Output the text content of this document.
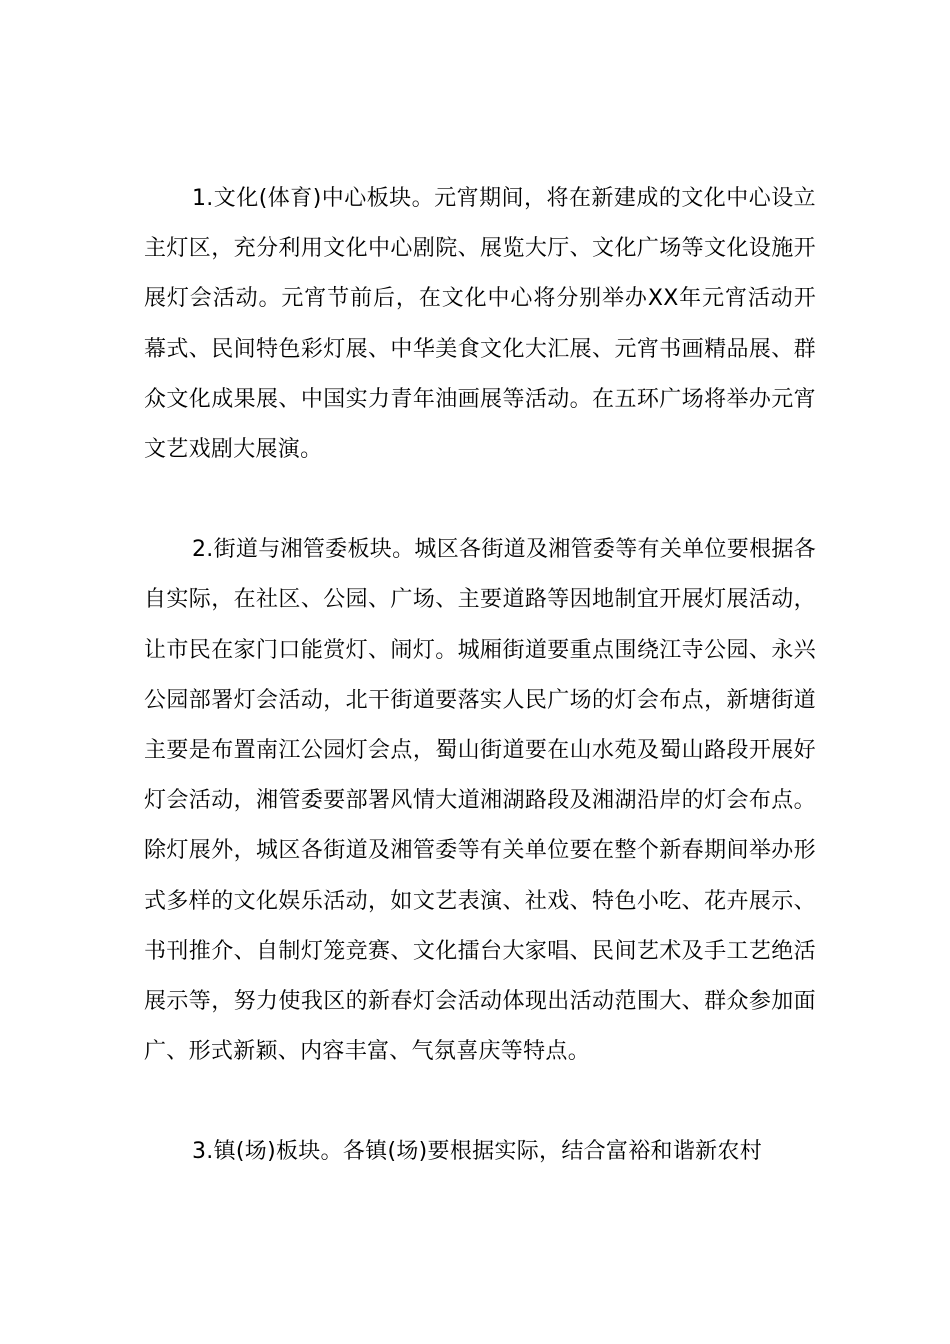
1.文化(体育)中心板块。元宵期间，将在新建成的文化中心设立主灯区，充分利用文化中心剧院、展览大厅、文化广场等文化设施开展灯会活动。元宵节前后，在文化中心将分别举办XX年元宵活动开幕式、民间特色彩灯展、中华美食文化大汇展、元宵书画精品展、群众文化成果展、中国实力青年油画展等活动。在五环广场将举办元宵文艺戏剧大展演。

2.街道与湘管委板块。城区各街道及湘管委等有关单位要根据各自实际，在社区、公园、广场、主要道路等因地制宜开展灯展活动，让市民在家门口能赏灯、闹灯。城厢街道要重点围绕江寺公园、永兴公园部署灯会活动，北干街道要落实人民广场的灯会布点，新塘街道主要是布置南江公园灯会点，蜀山街道要在山水苑及蜀山路段开展好灯会活动，湘管委要部署风情大道湘湖路段及湘湖沿岸的灯会布点。除灯展外，城区各街道及湘管委等有关单位要在整个新春期间举办形式多样的文化娱乐活动，如文艺表演、社戏、特色小吃、花卉展示、书刊推介、自制灯笼竞赛、文化擂台大家唱、民间艺术及手工艺绝活展示等，努力使我区的新春灯会活动体现出活动范围大、群众参加面广、形式新颖、内容丰富、气氛喜庆等特点。

3.镇(场)板块。各镇(场)要根据实际，结合富裕和谐新农村
